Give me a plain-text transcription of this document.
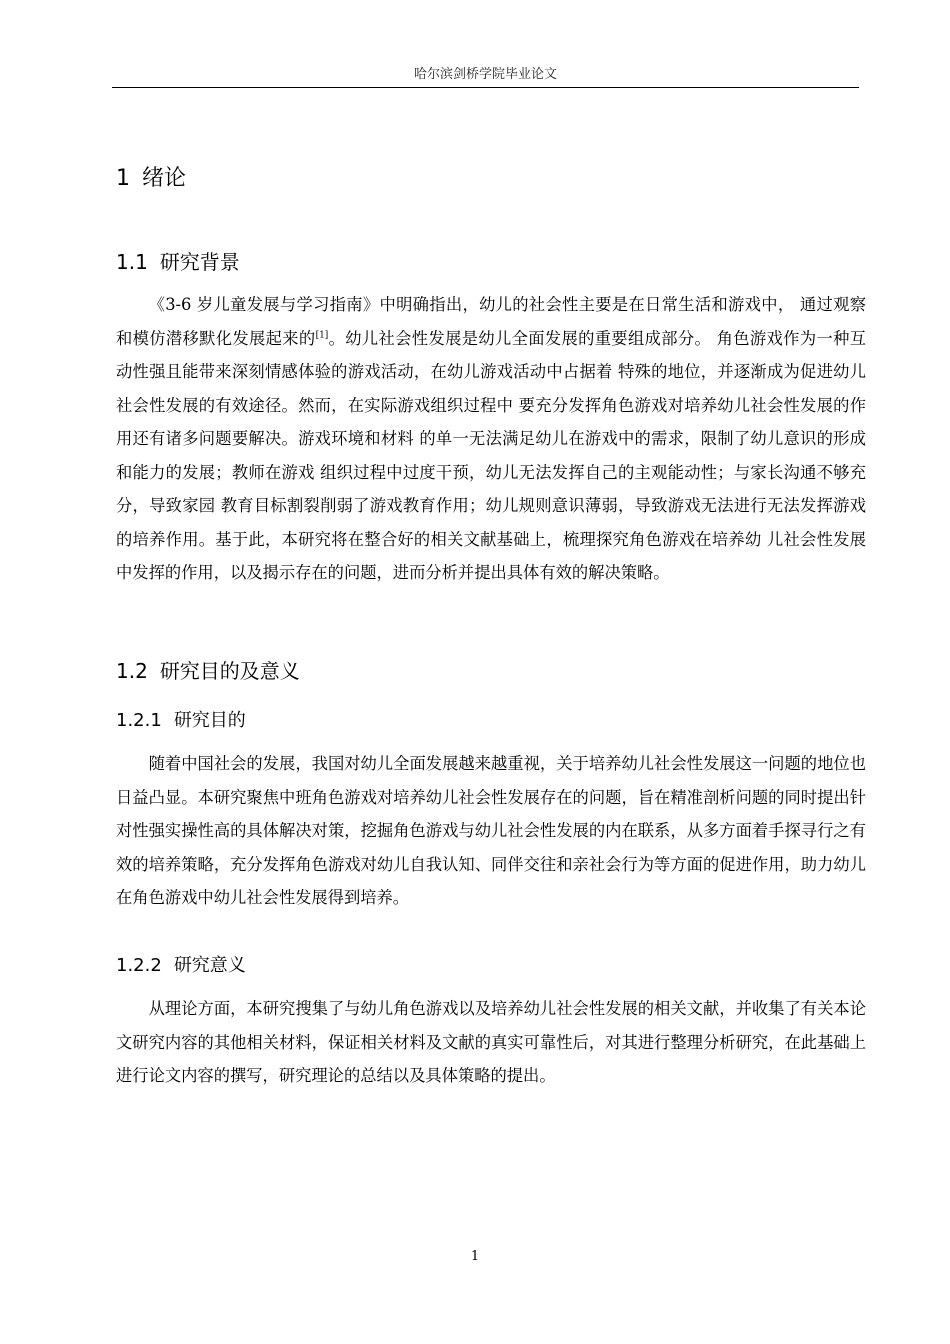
哈尔滨剑桥学院毕业论文
1 绪论
1.1 研究背景

《3-6 岁儿童发展与学习指南》中明确指出，幼儿的社会性主要是在日常生活和游戏中， 通过观察和模仿潜移默化发展起来的[1]。幼儿社会性发展是幼儿全面发展的重要组成部分。 角色游戏作为一种互动性强且能带来深刻情感体验的游戏活动，在幼儿游戏活动中占据着 特殊的地位，并逐渐成为促进幼儿社会性发展的有效途径。然而，在实际游戏组织过程中 要充分发挥角色游戏对培养幼儿社会性发展的作用还有诸多问题要解决。游戏环境和材料 的单一无法满足幼儿在游戏中的需求，限制了幼儿意识的形成和能力的发展；教师在游戏 组织过程中过度干预，幼儿无法发挥自己的主观能动性；与家长沟通不够充分，导致家园 教育目标割裂削弱了游戏教育作用；幼儿规则意识薄弱，导致游戏无法进行无法发挥游戏 的培养作用。基于此，本研究将在整合好的相关文献基础上，梳理探究角色游戏在培养幼 儿社会性发展中发挥的作用，以及揭示存在的问题，进而分析并提出具体有效的解决策略。

1.2 研究目的及意义
1.2.1 研究目的

随着中国社会的发展，我国对幼儿全面发展越来越重视，关于培养幼儿社会性发展这一问题的地位也日益凸显。本研究聚焦中班角色游戏对培养幼儿社会性发展存在的问题，旨在精准剖析问题的同时提出针对性强实操性高的具体解决对策，挖掘角色游戏与幼儿社会性发展的内在联系，从多方面着手探寻行之有效的培养策略，充分发挥角色游戏对幼儿自我认知、同伴交往和亲社会行为等方面的促进作用，助力幼儿在角色游戏中幼儿社会性发展得到培养。

1.2.2 研究意义

从理论方面，本研究搜集了与幼儿角色游戏以及培养幼儿社会性发展的相关文献，并收集了有关本论文研究内容的其他相关材料，保证相关材料及文献的真实可靠性后，对其进行整理分析研究，在此基础上进行论文内容的撰写，研究理论的总结以及具体策略的提出。

1
